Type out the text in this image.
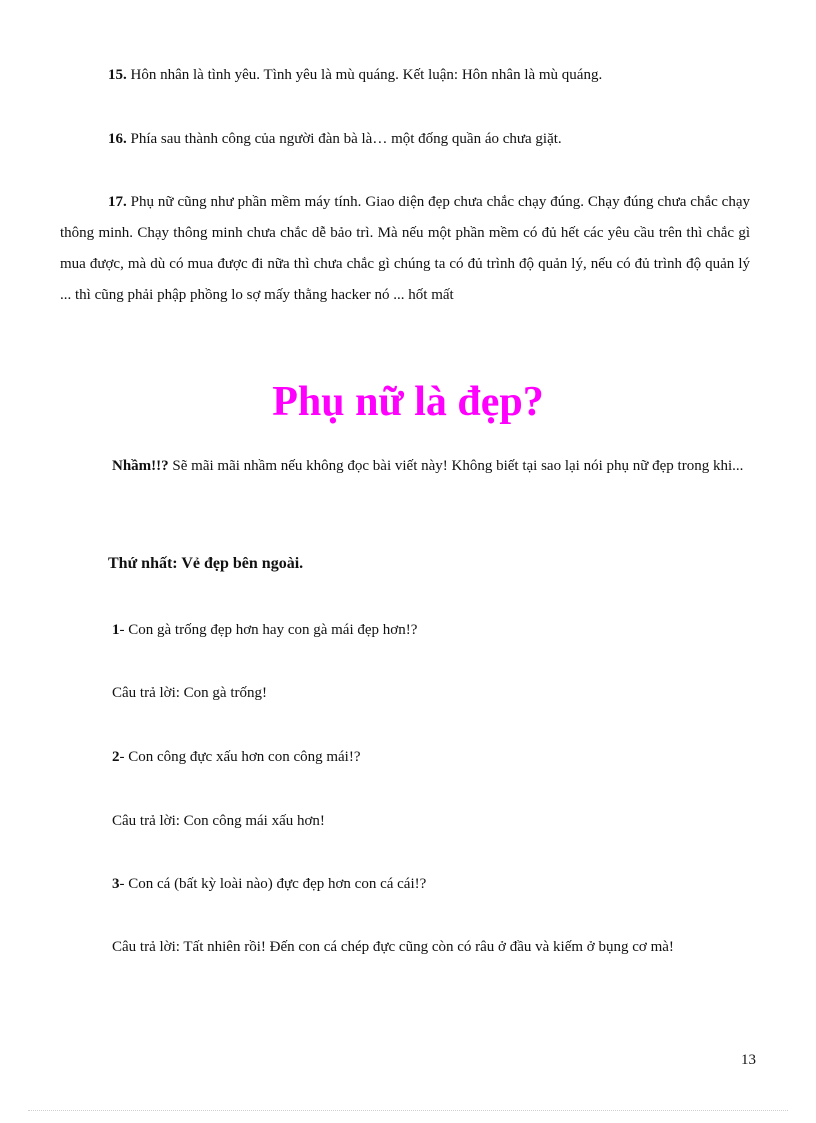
15. Hôn nhân là tình yêu. Tình yêu là mù quáng. Kết luận: Hôn nhân là mù quáng.

16. Phía sau thành công của người đàn bà là… một đống quần áo chưa giặt.

17. Phụ nữ cũng như phần mềm máy tính. Giao diện đẹp chưa chắc chạy đúng. Chạy đúng chưa chắc chạy thông minh. Chạy thông minh chưa chắc dễ bảo trì. Mà nếu một phần mềm có đủ hết các yêu cầu trên thì chắc gì mua được, mà dù có mua được đi nữa thì chưa chắc gì chúng ta có đủ trình độ quản lý, nếu có đủ trình độ quản lý ... thì cũng phải phập phồng lo sợ mấy thằng hacker nó ... hốt mất

Phụ nữ là đẹp?

Nhầm!!? Sẽ mãi mãi nhầm nếu không đọc bài viết này! Không biết tại sao lại nói phụ nữ đẹp trong khi...

Thứ nhất: Vẻ đẹp bên ngoài.

1- Con gà trống đẹp hơn hay con gà mái đẹp hơn!?

Câu trả lời: Con gà trống!

2- Con công đực xấu hơn con công mái!?

Câu trả lời: Con công mái xấu hơn!

3- Con cá (bất kỳ loài nào) đực đẹp hơn con cá cái!?

Câu trả lời: Tất nhiên rồi! Đến con cá chép đực cũng còn có râu ở đầu và kiếm ở bụng cơ mà!

13
